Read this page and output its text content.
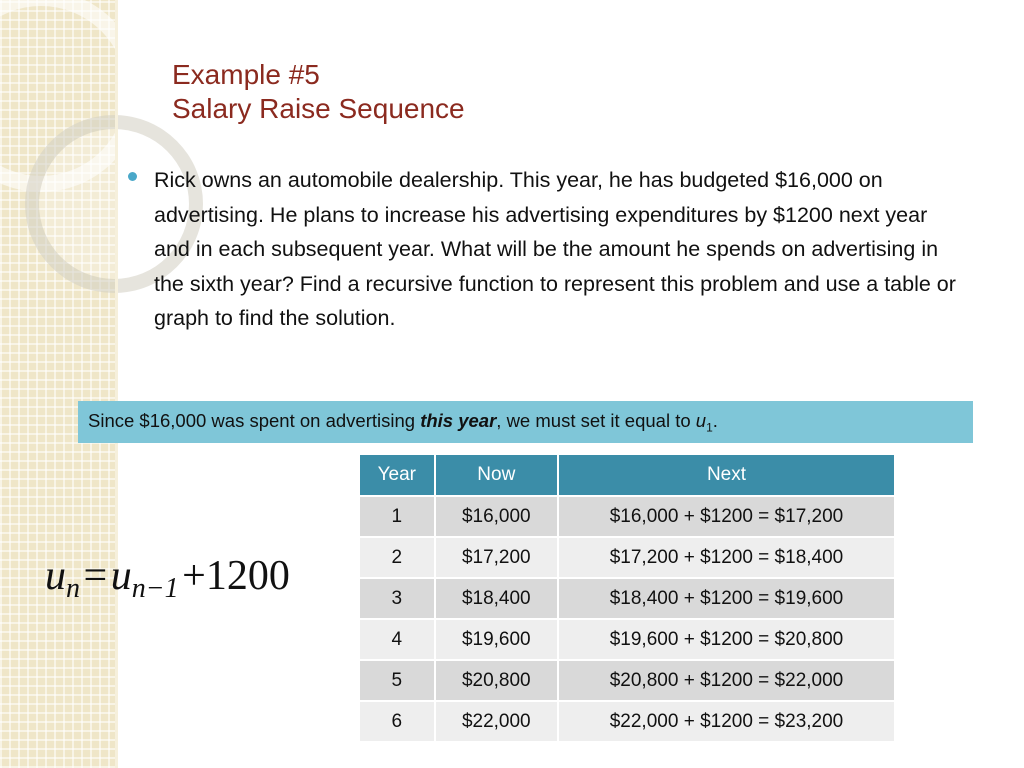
Example #5
Salary Raise Sequence
Rick owns an automobile dealership. This year, he has budgeted $16,000 on advertising. He plans to increase his advertising expenditures by $1200 next year and in each subsequent year. What will be the amount he spends on advertising in the sixth year? Find a recursive function to represent this problem and use a table or graph to find the solution.
Since $16,000 was spent on advertising this year, we must set it equal to $u_1$.
$u_n$ = $u_{n-1}$ +1200
Year	Now	Next
1	$16,000	$16,000 + $1200 = $17,200
2	$17,200	$17,200 + $1200 = $18,400
3	$18,400	$18,400 + $1200 = $19,600
4	$19,600	$19,600 + $1200 = $20,800
5	$20,800	$20,800 + $1200 = $22,000
6	$22,000	$22,000 + $1200 = $23,200
